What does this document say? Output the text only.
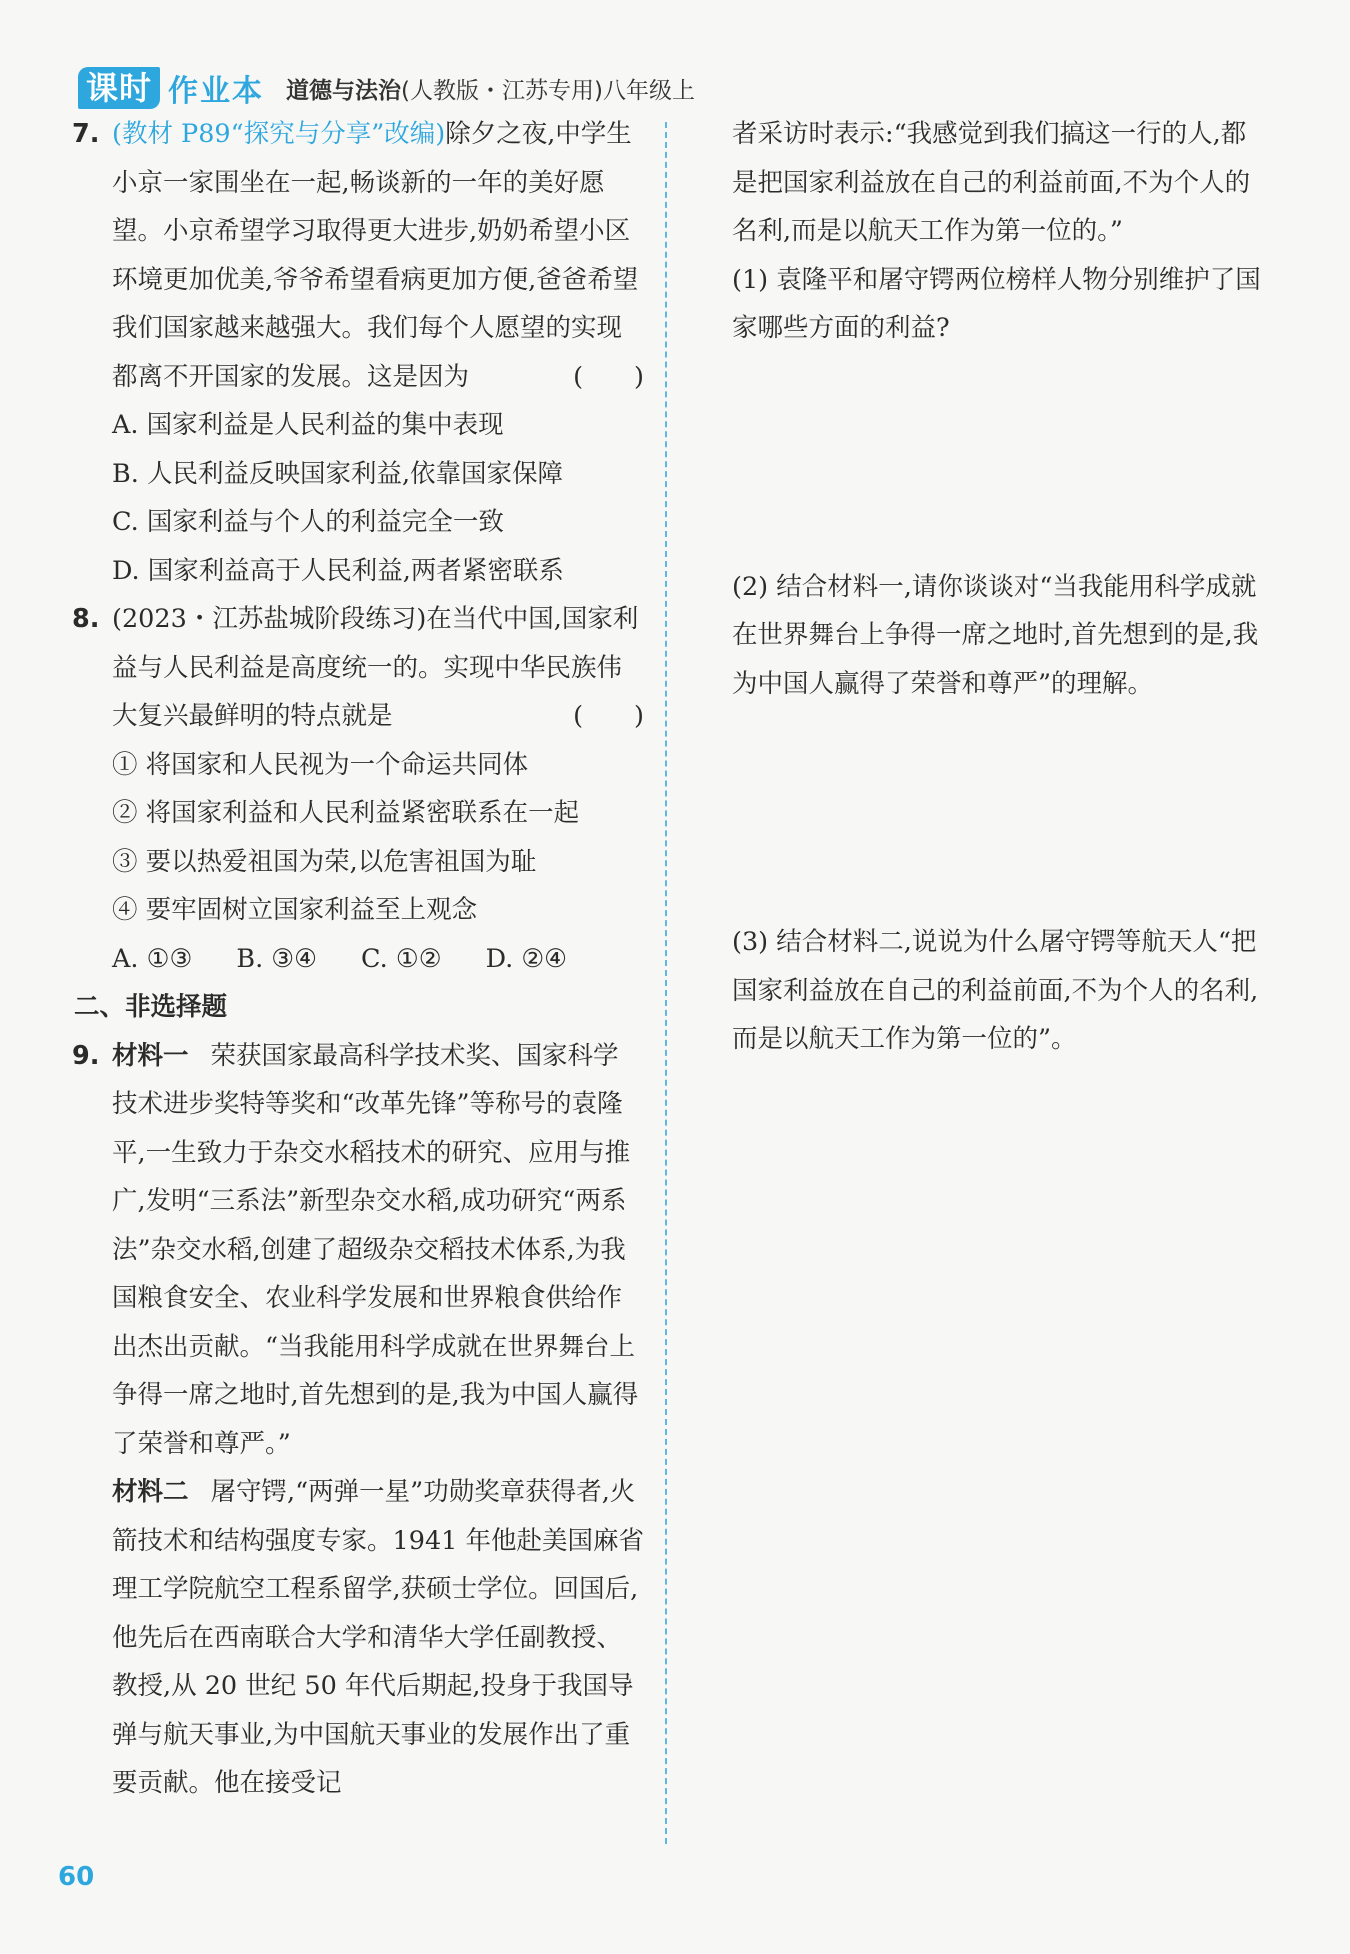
课时 作业本 道德与法治 (人教版・江苏专用)八年级上
7. (教材 P89“探究与分享”改编)除夕之夜,中学生小京一家围坐在一起,畅谈新的一年的美好愿望。小京希望学习取得更大进步,奶奶希望小区环境更加优美,爷爷希望看病更加方便,爸爸希望我们国家越来越强大。我们每个人愿望的实现都离不开国家的发展。这是因为	(　　)
A. 国家利益是人民利益的集中表现
B. 人民利益反映国家利益,依靠国家保障
C. 国家利益与个人的利益完全一致
D. 国家利益高于人民利益,两者紧密联系
8. (2023・江苏盐城阶段练习)在当代中国,国家利益与人民利益是高度统一的。实现中华民族伟大复兴最鲜明的特点就是	(　　)
① 将国家和人民视为一个命运共同体
② 将国家利益和人民利益紧密联系在一起
③ 要以热爱祖国为荣,以危害祖国为耻
④ 要牢固树立国家利益至上观念
A. ①③ B. ③④ C. ①② D. ②④
二、非选择题
9. 材料一 荣获国家最高科学技术奖、国家科学技术进步奖特等奖和“改革先锋”等称号的袁隆平,一生致力于杂交水稻技术的研究、应用与推广,发明“三系法”新型杂交水稻,成功研究“两系法”杂交水稻,创建了超级杂交稻技术体系,为我国粮食安全、农业科学发展和世界粮食供给作出杰出贡献。“当我能用科学成就在世界舞台上争得一席之地时,首先想到的是,我为中国人赢得了荣誉和尊严。”
材料二 屠守锷,“两弹一星”功勋奖章获得者,火箭技术和结构强度专家。1941 年他赴美国麻省理工学院航空工程系留学,获硕士学位。回国后,他先后在西南联合大学和清华大学任副教授、教授,从 20 世纪 50 年代后期起,投身于我国导弹与航天事业,为中国航天事业的发展作出了重要贡献。他在接受记
者采访时表示:“我感觉到我们搞这一行的人,都是把国家利益放在自己的利益前面,不为个人的名利,而是以航天工作为第一位的。”
(1) 袁隆平和屠守锷两位榜样人物分别维护了国家哪些方面的利益?
(2) 结合材料一,请你谈谈对“当我能用科学成就在世界舞台上争得一席之地时,首先想到的是,我为中国人赢得了荣誉和尊严”的理解。
(3) 结合材料二,说说为什么屠守锷等航天人“把国家利益放在自己的利益前面,不为个人的名利,而是以航天工作为第一位的”。
60
